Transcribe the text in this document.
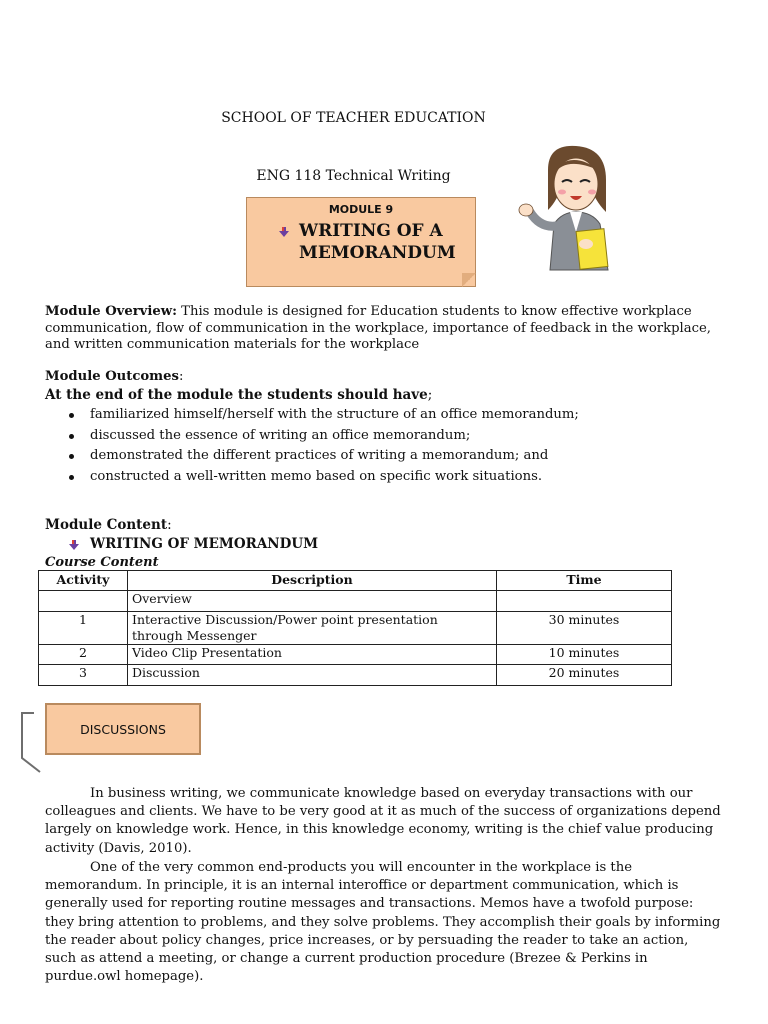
SCHOOL OF TEACHER EDUCATION
ENG 118 Technical Writing
MODULE 9
WRITING OF A
MEMORANDUM
Module Overview: This module is designed for Education students to know effective workplace communication, flow of communication in the workplace, importance of feedback in the workplace, and written communication materials for the workplace
Module Outcomes:
At the end of the module the students should have;
familiarized himself/herself with the structure of an office memorandum;
discussed the essence of writing an office memorandum;
demonstrated the different practices of writing a memorandum; and
constructed a well-written memo based on specific work situations.
Module Content:
WRITING OF MEMORANDUM
Course Content
Activity	Description	Time
	Overview	
1	Interactive Discussion/Power point presentation through Messenger	30 minutes
2	Video Clip Presentation	10 minutes
3	Discussion	20 minutes
DISCUSSIONS

In business writing, we communicate knowledge based on everyday transactions with our colleagues and clients. We have to be very good at it as much of the success of organizations depend largely on knowledge work. Hence, in this knowledge economy, writing is the chief value producing activity (Davis, 2010).

One of the very common end-products you will encounter in the workplace is the memorandum. In principle, it is an internal interoffice or department communication, which is generally used for reporting routine messages and transactions. Memos have a twofold purpose: they bring attention to problems, and they solve problems. They accomplish their goals by informing the reader about policy changes, price increases, or by persuading the reader to take an action, such as attend a meeting, or change a current production procedure (Brezee & Perkins in purdue.owl homepage).
